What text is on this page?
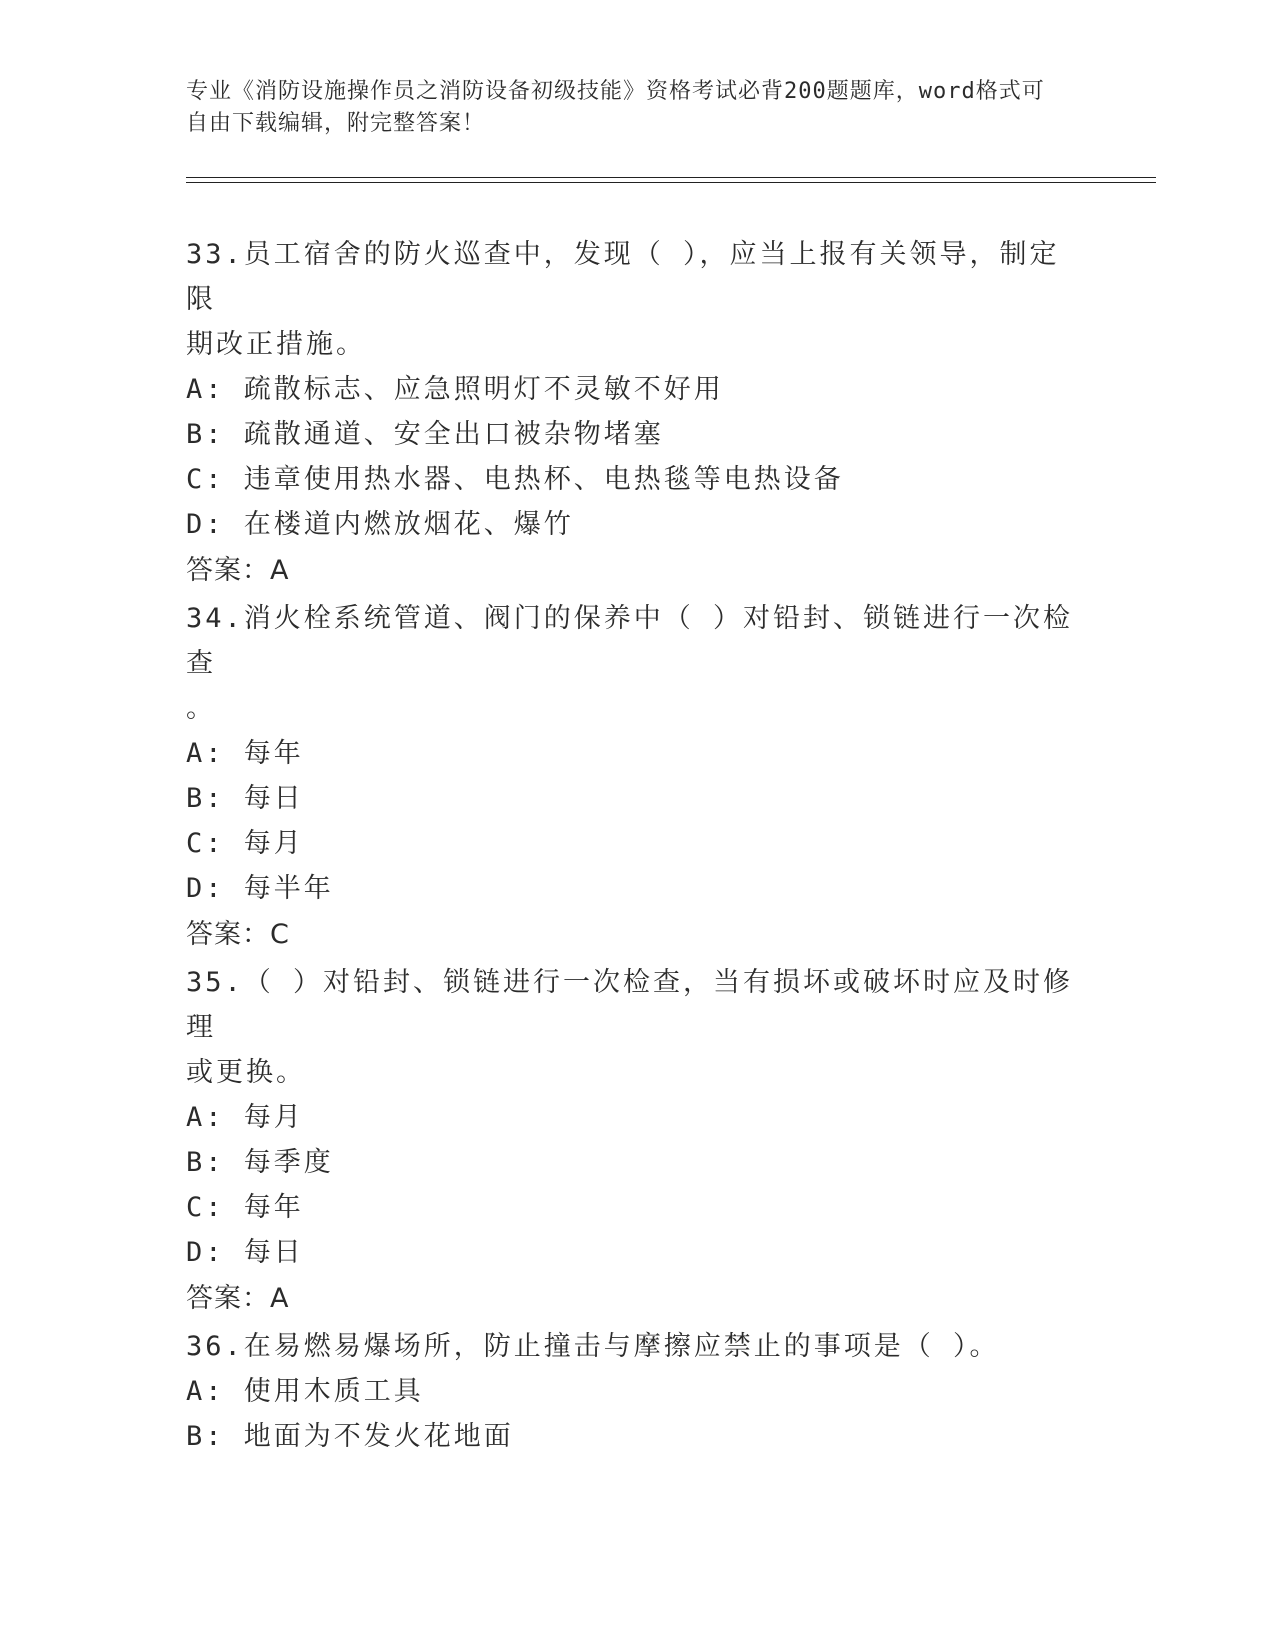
专业《消防设施操作员之消防设备初级技能》资格考试必背200题题库，word格式可自由下载编辑，附完整答案！

33.员工宿舍的防火巡查中，发现（ ），应当上报有关领导，制定限

期改正措施。

A: 疏散标志、应急照明灯不灵敏不好用

B: 疏散通道、安全出口被杂物堵塞

C: 违章使用热水器、电热杯、电热毯等电热设备

D: 在楼道内燃放烟花、爆竹

答案：A

34.消火栓系统管道、阀门的保养中（ ）对铅封、锁链进行一次检查

。

A: 每年

B: 每日

C: 每月

D: 每半年

答案：C

35.（ ）对铅封、锁链进行一次检查，当有损坏或破坏时应及时修理

或更换。

A: 每月

B: 每季度

C: 每年

D: 每日

答案：A

36.在易燃易爆场所，防止撞击与摩擦应禁止的事项是（ ）。

A: 使用木质工具

B: 地面为不发火花地面
